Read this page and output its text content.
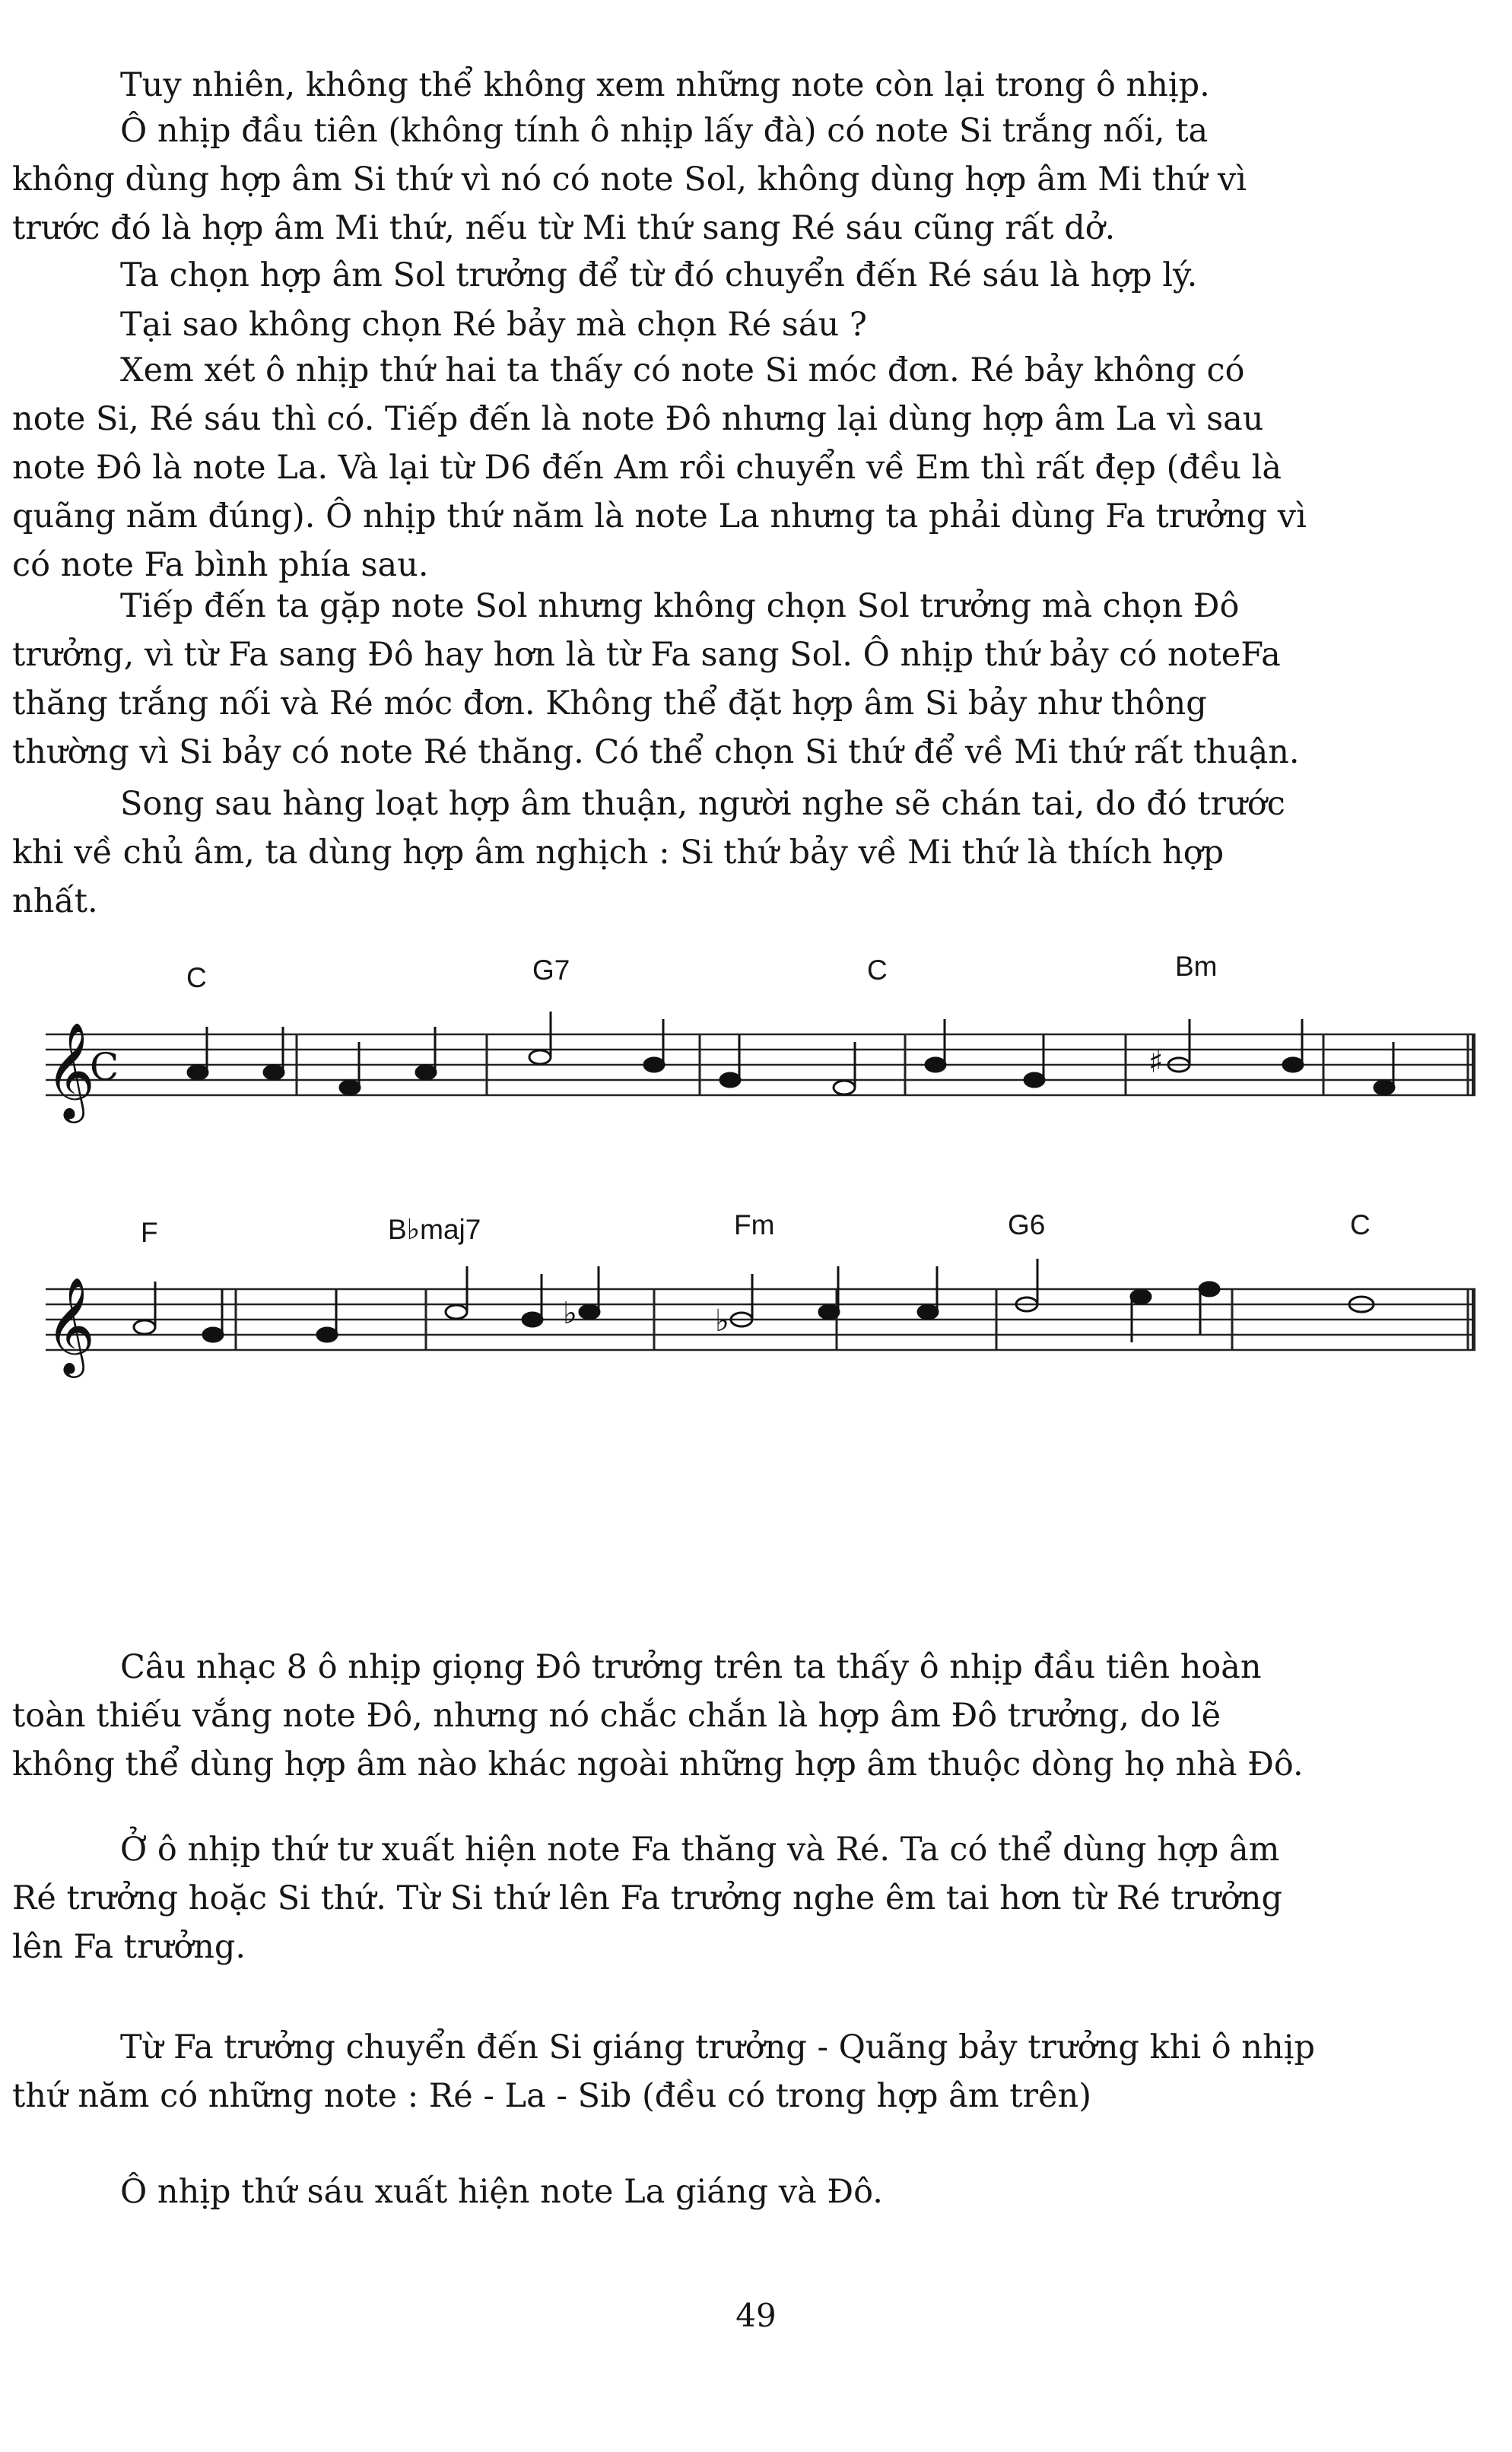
Tuy nhiên, không thể không xem những note còn lại trong ô nhịp.
Ô nhịp đầu tiên (không tính ô nhịp lấy đà) có note Si trắng nối, ta
không dùng hợp âm Si thứ vì nó có note Sol, không dùng hợp âm Mi thứ vì
trước đó là hợp âm Mi thứ, nếu từ Mi thứ sang Ré sáu cũng rất dở.
Ta chọn hợp âm Sol trưởng để từ đó chuyển đến Ré sáu là hợp lý.
Tại sao không chọn Ré bảy mà chọn Ré sáu ?
Xem xét ô nhịp thứ hai ta thấy có note Si móc đơn. Ré bảy không có
note Si, Ré sáu thì có. Tiếp đến là note Đô nhưng lại dùng hợp âm La vì sau
note Đô là note La. Và lại từ D6 đến Am rồi chuyển về Em thì rất đẹp (đều là
quãng năm đúng). Ô nhịp thứ năm là note La nhưng ta phải dùng Fa trưởng vì
có note Fa bình phía sau.
Tiếp đến ta gặp note Sol nhưng không chọn Sol trưởng mà chọn Đô
trưởng, vì từ Fa sang Đô hay hơn là từ Fa sang Sol. Ô nhịp thứ bảy có noteFa
thăng trắng nối và Ré móc đơn. Không thể đặt hợp âm Si bảy như thông
thường vì Si bảy có note Ré thăng. Có thể chọn Si thứ để về Mi thứ rất thuận.
Song sau hàng loạt hợp âm thuận, người nghe sẽ chán tai, do đó trước
khi về chủ âm, ta dùng hợp âm nghịch : Si thứ bảy về Mi thứ là thích hợp
nhất.
C	G7	C	Bm
𝄞
C	♯
F	B♭maj7	Fm	G6	C
𝄞	♭	♭
Câu nhạc 8 ô nhịp giọng Đô trưởng trên ta thấy ô nhịp đầu tiên hoàn
toàn thiếu vắng note Đô, nhưng nó chắc chắn là hợp âm Đô trưởng, do lẽ
không thể dùng hợp âm nào khác ngoài những hợp âm thuộc dòng họ nhà Đô.
Ở ô nhịp thứ tư xuất hiện note Fa thăng và Ré. Ta có thể dùng hợp âm
Ré trưởng hoặc Si thứ. Từ Si thứ lên Fa trưởng nghe êm tai hơn từ Ré trưởng
lên Fa trưởng.
Từ Fa trưởng chuyển đến Si giáng trưởng - Quãng bảy trưởng khi ô nhịp
thứ năm có những note : Ré - La - Sib (đều có trong hợp âm trên)
Ô nhịp thứ sáu xuất hiện note La giáng và Đô.
49
